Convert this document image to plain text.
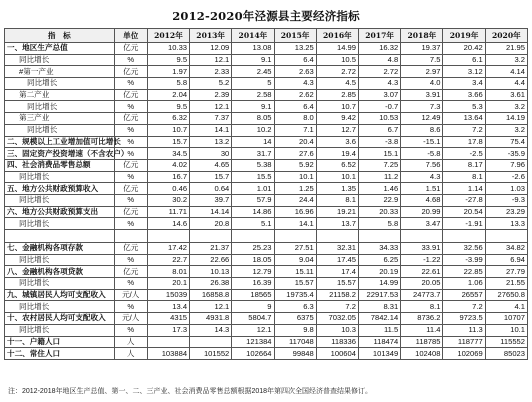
2012-2020年泾源县主要经济指标
指　标	单位	2012年	2013年	2014年	2015年	2016年	2017年	2018年	2019年	2020年
一、地区生产总值	亿元	10.33	12.09	13.08	13.25	14.99	16.32	19.37	20.42	21.95
同比增长	%	9.5	12.1	9.1	6.4	10.5	4.8	7.5	6.1	3.2
#第一产业	亿元	1.97	2.33	2.45	2.63	2.72	2.72	2.97	3.12	4.14
同比增长	%	5.8	5.2	5	4.3	4.5	4.3	4.0	3.4	4.4
第二产业	亿元	2.04	2.39	2.58	2.62	2.85	3.07	3.91	3.66	3.61
同比增长	%	9.5	12.1	9.1	6.4	10.7	-0.7	7.3	5.3	3.2
第三产业	亿元	6.32	7.37	8.05	8.0	9.42	10.53	12.49	13.64	14.19
同比增长	%	10.7	14.1	10.2	7.1	12.7	6.7	8.6	7.2	3.2
二、规模以上工业增加值可比增长	%	15.7	13.2	14	20.4	3.6	-3.8	-15.1	17.8	75.4
三、固定资产投资增速（不含农户）	%	34.5	30	31.7	27.6	19.4	15.1	-5.8	-2.5	-35.9
四、社会消费品零售总额	亿元	4.02	4.65	5.38	5.92	6.52	7.25	7.56	8.17	7.96
同比增长	%	16.7	15.7	15.5	10.1	10.1	11.2	4.3	8.1	-2.6
五、地方公共财政预算收入	亿元	0.46	0.64	1.01	1.25	1.35	1.46	1.51	1.14	1.03
同比增长	%	30.2	39.7	57.9	24.4	8.1	22.9	4.68	-27.8	-9.3
六、地方公共财政预算支出	亿元	11.71	14.14	14.86	16.96	19.21	20.33	20.99	20.54	23.29
同比增长	%	14.6	20.8	5.1	14.1	13.7	5.8	3.47	-1.91	13.3

七、金融机构各项存款	亿元	17.42	21.37	25.23	27.51	32.31	34.33	33.91	32.56	34.82
同比增长	%	22.7	22.66	18.05	9.04	17.45	6.25	-1.22	-3.99	6.94
八、金融机构各项贷款	亿元	8.01	10.13	12.79	15.11	17.4	20.19	22.61	22.85	27.79
同比增长	%	20.1	26.38	16.39	15.57	15.57	14.99	20.05	1.06	21.55
九、城镇居民人均可支配收入	元/人	15039	16858.8	18565	19735.4	21158.2	22917.53	24773.7	26557	27650.8
同比增长	%	13.4	12.1	9	6.3	7.2	8.31	8.1	7.2	4.1
十、农村居民人均可支配收入	元/人	4315	4931.8	5804.7	6375	7032.05	7842.14	8736.2	9723.5	10707
同比增长	%	17.3	14.3	12.1	9.8	10.3	11.5	11.4	11.3	10.1
十一、户籍人口	人			121384	117048	118336	118474	118785	118777	115552
十二、常住人口	人	103884	101552	102664	99848	100604	101349	102408	102069	85023
注：2012-2018年地区生产总值、第一、二、三产业、社会消费品零售总额根据2018年第四次全国经济普查结果修订。
